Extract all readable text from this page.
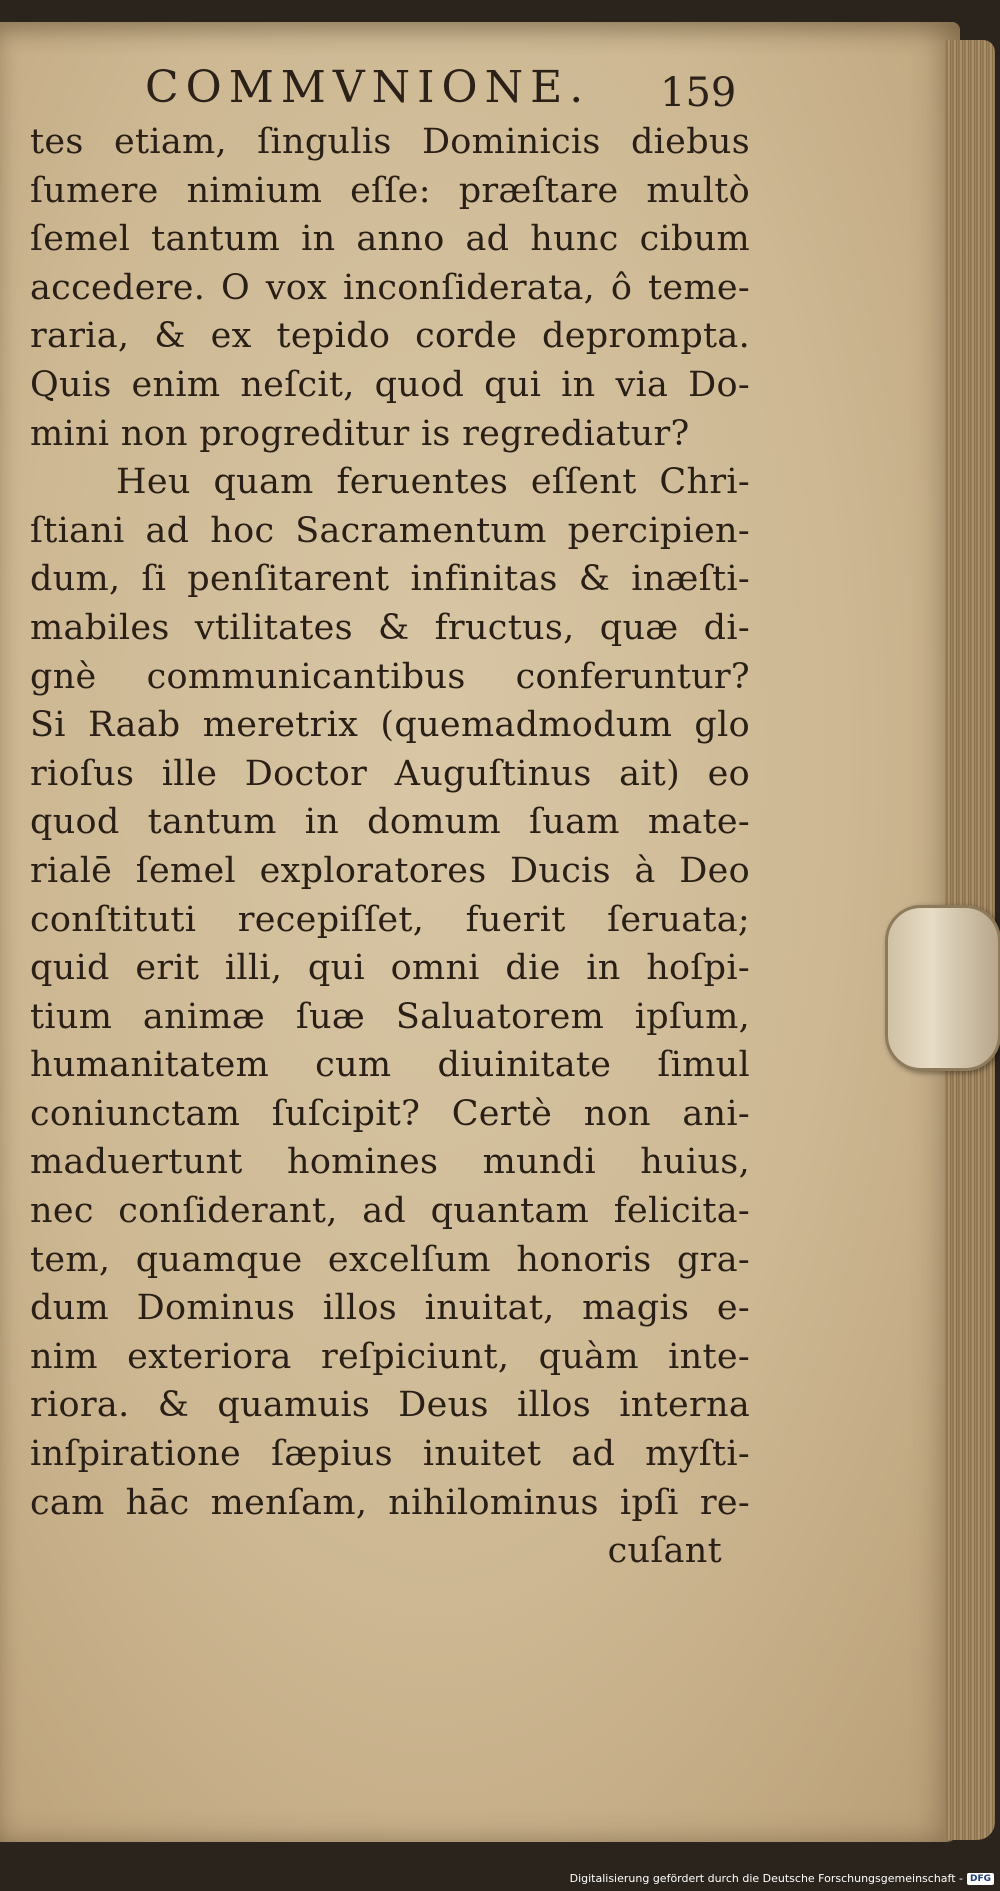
COMMVNIONE. 159
tes etiam, ſingulis Dominicis diebus
ſumere nimium eſſe: præſtare multò
ſemel tantum in anno ad hunc cibum
accedere. O vox inconſiderata, ô teme-
raria, & ex tepido corde deprompta.
Quis enim neſcit, quod qui in via Do-
mini non progreditur is regrediatur?
Heu quam feruentes eſſent Chri-
ſtiani ad hoc Sacramentum percipien-
dum, ſi penſitarent infinitas & inæſti-
mabiles vtilitates & fructus, quæ di-
gnè communicantibus conferuntur?
Si Raab meretrix (quemadmodum glo
rioſus ille Doctor Auguſtinus ait) eo
quod tantum in domum ſuam mate-
rialē ſemel exploratores Ducis à Deo
conſtituti recepiſſet, fuerit ſeruata;
quid erit illi, qui omni die in hoſpi-
tium animæ ſuæ Saluatorem ipſum,
humanitatem cum diuinitate ſimul
coniunctam ſuſcipit? Certè non ani-
maduertunt homines mundi huius,
nec conſiderant, ad quantam felicita-
tem, quamque excelſum honoris gra-
dum Dominus illos inuitat, magis e-
nim exteriora reſpiciunt, quàm inte-
riora. & quamuis Deus illos interna
inſpiratione ſæpius inuitet ad myſti-
cam hāc menſam, nihilominus ipſi re-
cuſant
Digitalisierung gefördert durch die Deutsche Forschungsgemeinschaft - DFG
